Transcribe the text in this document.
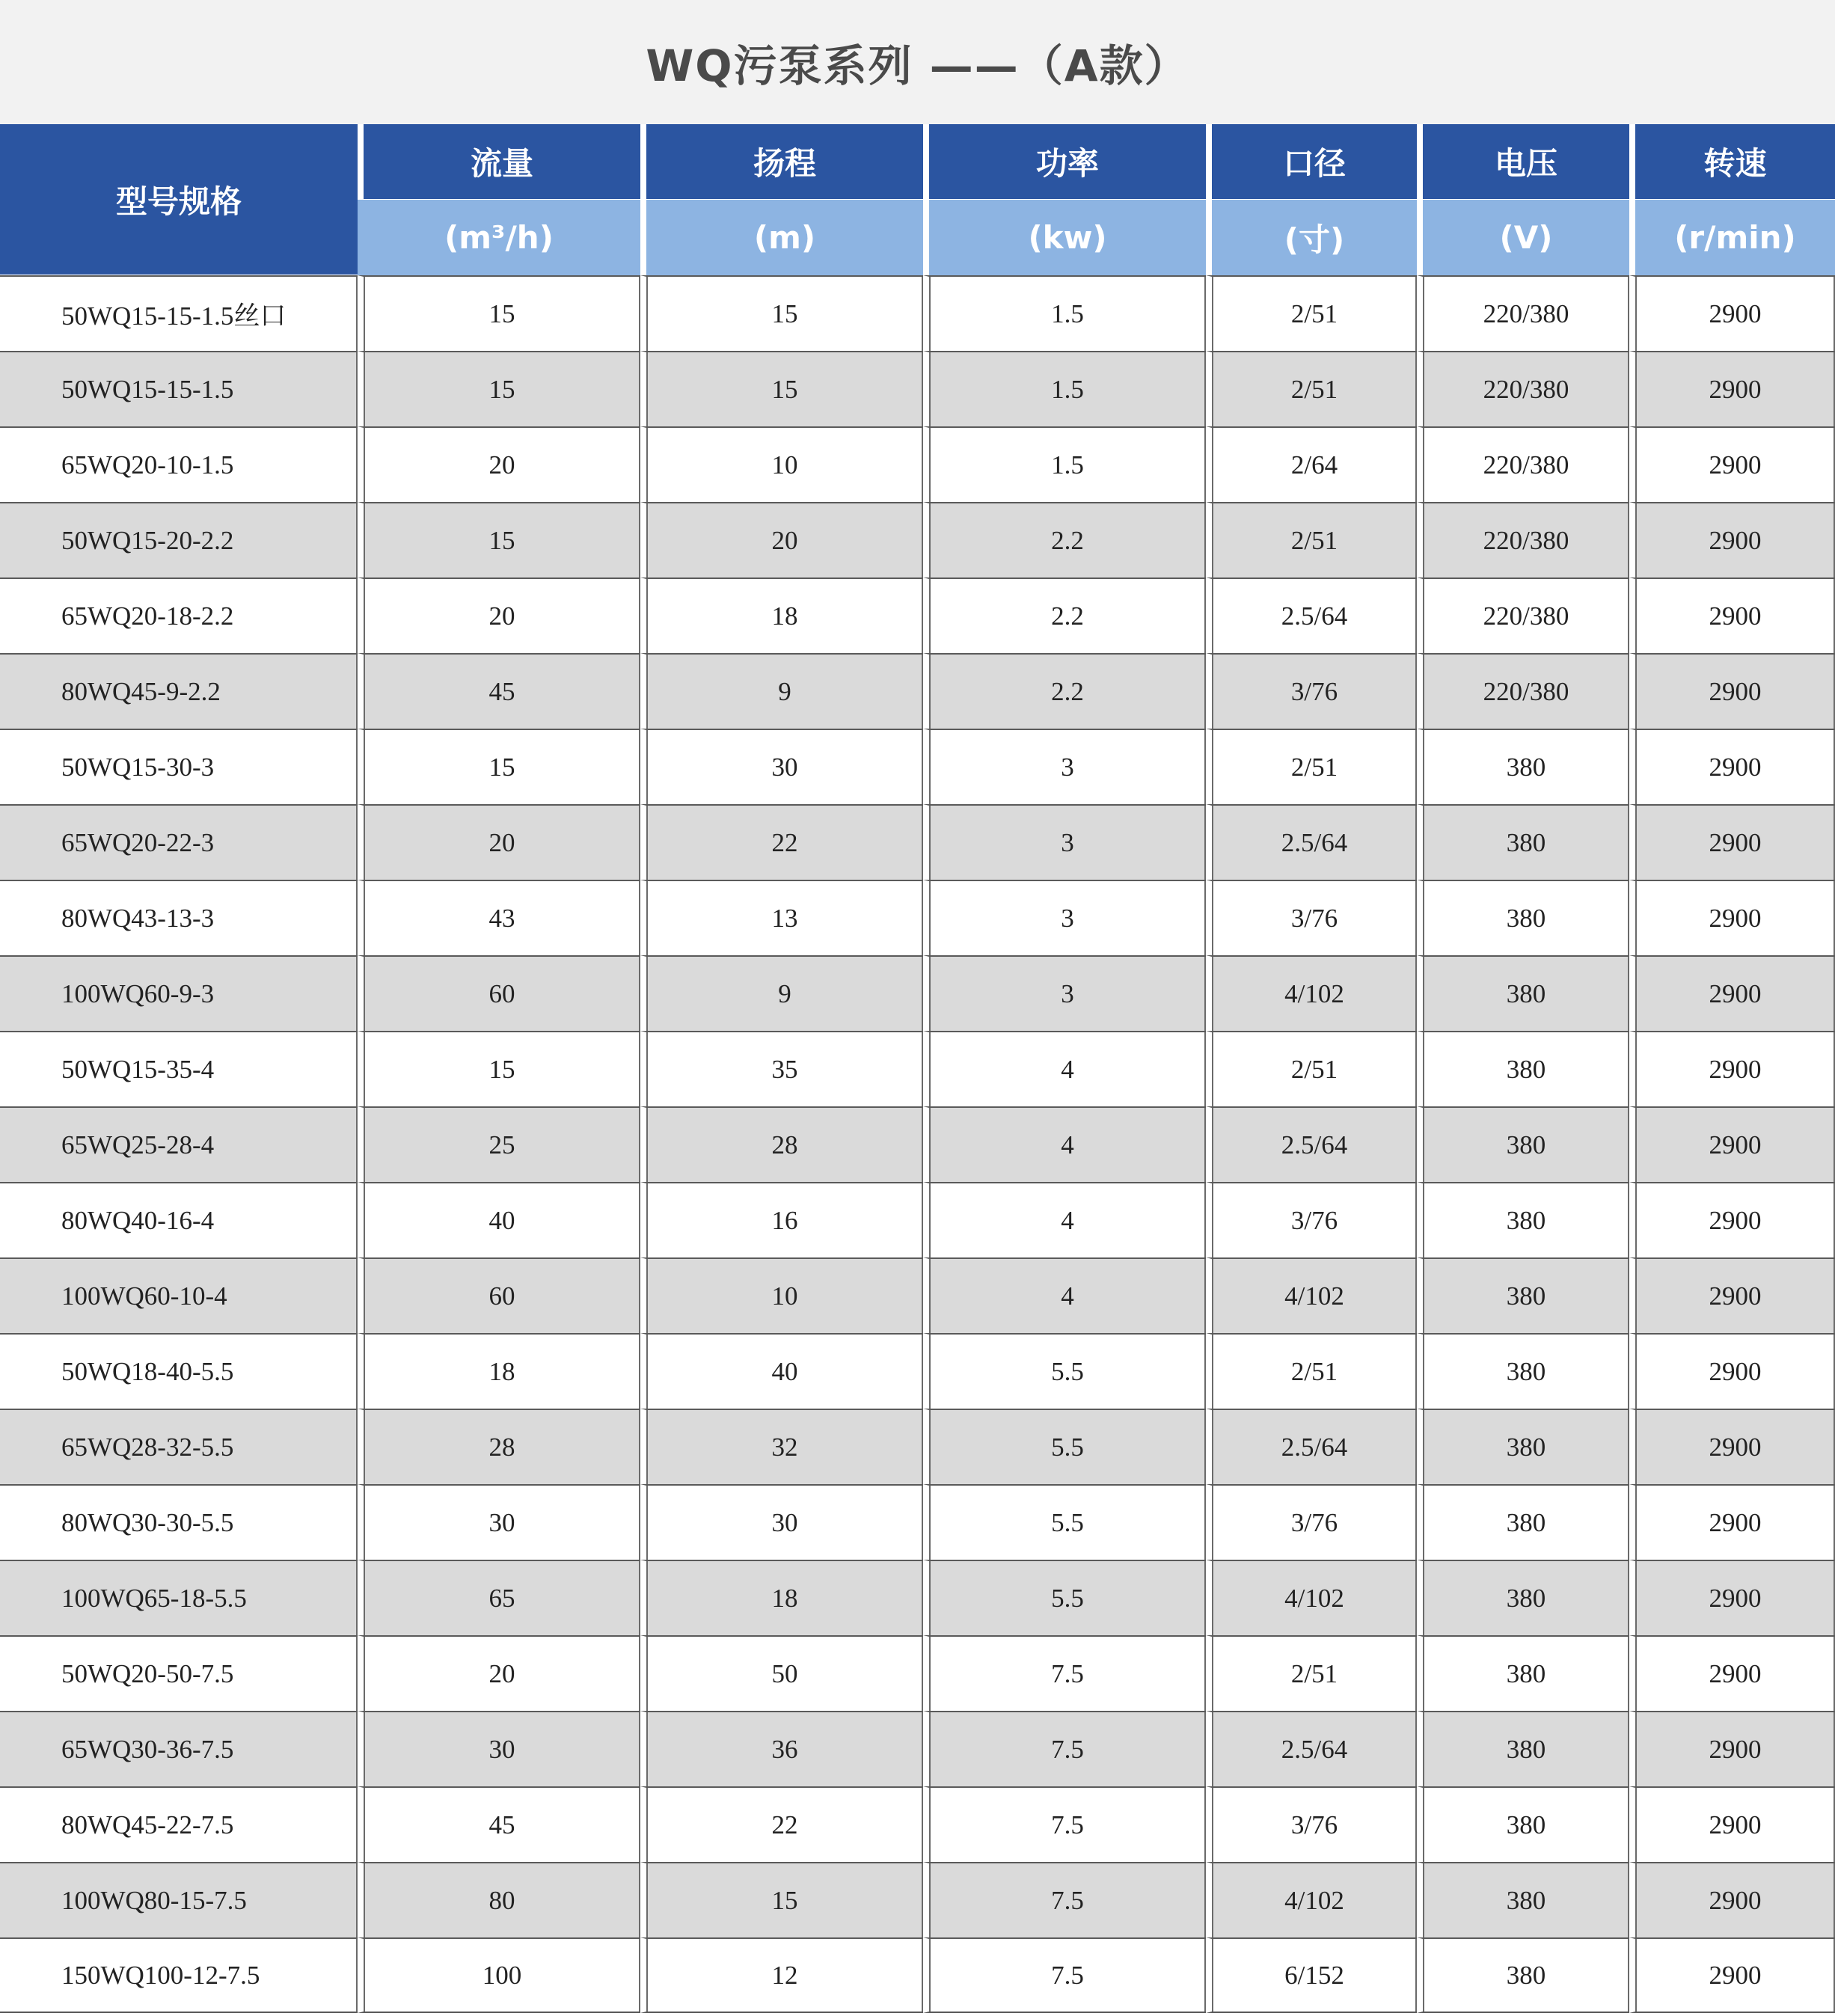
WQ污泵系列 ——（A款）
型号规格	流量	扬程	功率	口径	电压	转速
	(m³/h)	(m)	(kw)	(寸)	(V)	(r/min)
50WQ15-15-1.5丝口	15	15	1.5	2/51	220/380	2900
50WQ15-15-1.5	15	15	1.5	2/51	220/380	2900
65WQ20-10-1.5	20	10	1.5	2/64	220/380	2900
50WQ15-20-2.2	15	20	2.2	2/51	220/380	2900
65WQ20-18-2.2	20	18	2.2	2.5/64	220/380	2900
80WQ45-9-2.2	45	9	2.2	3/76	220/380	2900
50WQ15-30-3	15	30	3	2/51	380	2900
65WQ20-22-3	20	22	3	2.5/64	380	2900
80WQ43-13-3	43	13	3	3/76	380	2900
100WQ60-9-3	60	9	3	4/102	380	2900
50WQ15-35-4	15	35	4	2/51	380	2900
65WQ25-28-4	25	28	4	2.5/64	380	2900
80WQ40-16-4	40	16	4	3/76	380	2900
100WQ60-10-4	60	10	4	4/102	380	2900
50WQ18-40-5.5	18	40	5.5	2/51	380	2900
65WQ28-32-5.5	28	32	5.5	2.5/64	380	2900
80WQ30-30-5.5	30	30	5.5	3/76	380	2900
100WQ65-18-5.5	65	18	5.5	4/102	380	2900
50WQ20-50-7.5	20	50	7.5	2/51	380	2900
65WQ30-36-7.5	30	36	7.5	2.5/64	380	2900
80WQ45-22-7.5	45	22	7.5	3/76	380	2900
100WQ80-15-7.5	80	15	7.5	4/102	380	2900
150WQ100-12-7.5	100	12	7.5	6/152	380	2900
